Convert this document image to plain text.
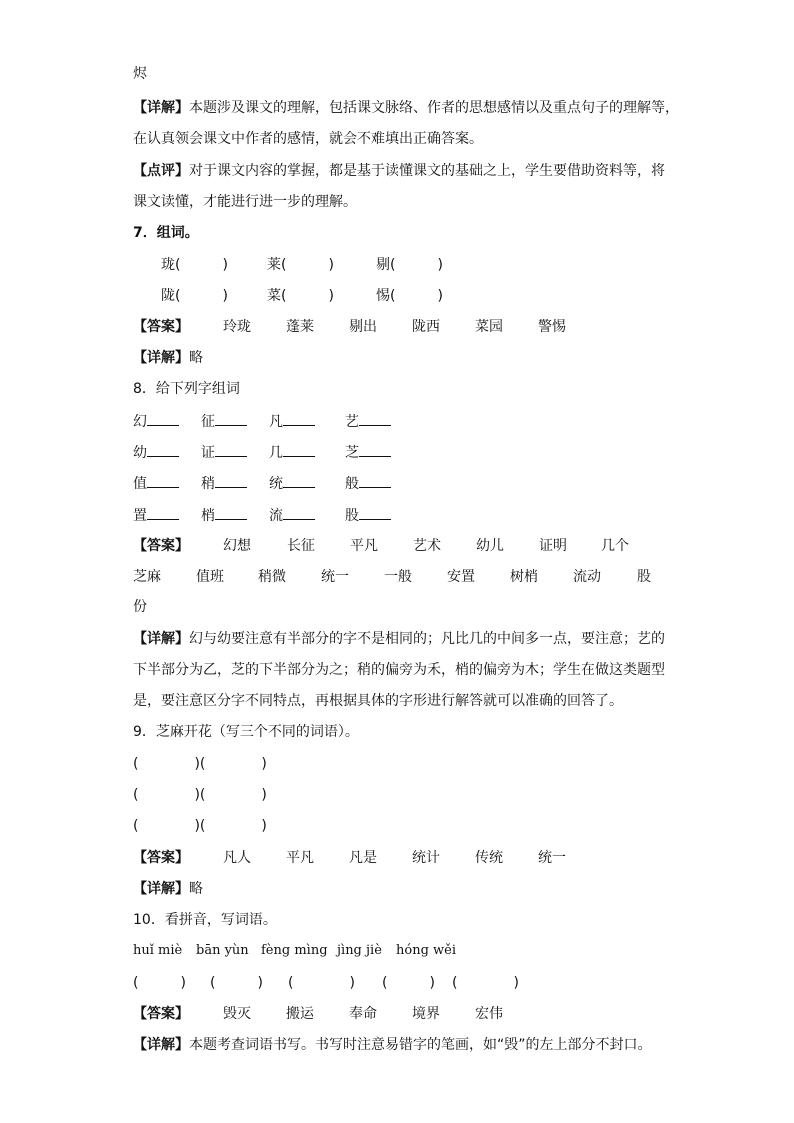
烬
【详解】本题涉及课文的理解，包括课文脉络、作者的思想感情以及重点句子的理解等，
在认真领会课文中作者的感情，就会不难填出正确答案。
【点评】对于课文内容的掌握，都是基于读懂课文的基础之上，学生要借助资料等，将
课文读懂，才能进行进一步的理解。
7．组词。
珑(　　　)	莱(　　　)	剔(　　　)
陇(　　　)	菜(　　　)	惕(　　　)
【答案】 玲珑	蓬莱	剔出	陇西	菜园	警惕
【详解】略
8．给下列字组词
幻	征	凡	艺
幼	证	几	芝
值	稍	统	般
置	梢	流	股
【答案】 幻想	长征	平凡	艺术	幼儿	证明 几个
芝麻	值班 稍微	统一	一般	安置	树梢	流动	股
份
【详解】幻与幼要注意有半部分的字不是相同的；凡比几的中间多一点，要注意；艺的
下半部分为乙，芝的下半部分为之；稍的偏旁为禾，梢的偏旁为木；学生在做这类题型
是，要注意区分字不同特点，再根据具体的字形进行解答就可以准确的回答了。
9．芝麻开花（写三个不同的词语）。
(　　　　)(　　　　)
(　　　　)(　　　　)
(　　　　)(　　　　)
【答案】 凡人	平凡	凡是	统计	传统	统一
【详解】略
10．看拼音，写词语。
huǐ miè bān yùn fèng mìng jìng jiè hóng wěi
(　　　) (　　　) (　　　　) (　　　) (　　　　)
【答案】 毁灭	搬运	奉命	境界	宏伟
【详解】本题考查词语书写。书写时注意易错字的笔画，如“毁”的左上部分不封口。
